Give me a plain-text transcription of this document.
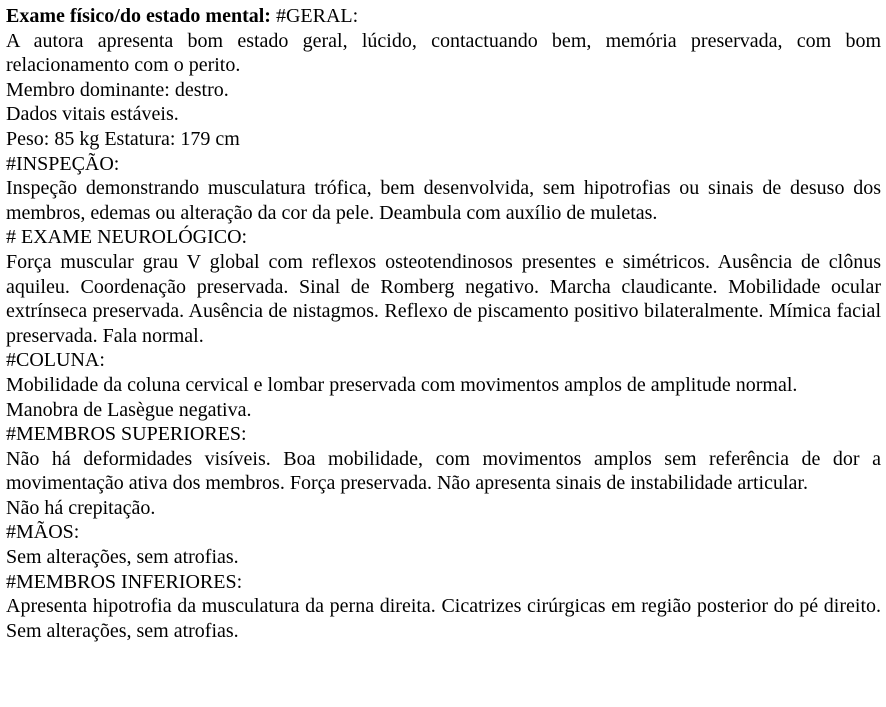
Exame físico/do estado mental: #GERAL:

A autora apresenta bom estado geral, lúcido, contactuando bem, memória preservada, com bom relacionamento com o perito.

Membro dominante: destro.

Dados vitais estáveis.

Peso: 85 kg Estatura: 179 cm

#INSPEÇÃO:

Inspeção demonstrando musculatura trófica, bem desenvolvida, sem hipotrofias ou sinais de desuso dos membros, edemas ou alteração da cor da pele. Deambula com auxílio de muletas.

# EXAME NEUROLÓGICO:

Força muscular grau V global com reflexos osteotendinosos presentes e simétricos. Ausência de clônus aquileu. Coordenação preservada. Sinal de Romberg negativo. Marcha claudicante. Mobilidade ocular extrínseca preservada. Ausência de nistagmos. Reflexo de piscamento positivo bilateralmente. Mímica facial preservada. Fala normal.

#COLUNA:

Mobilidade da coluna cervical e lombar preservada com movimentos amplos de amplitude normal.

Manobra de Lasègue negativa.

#MEMBROS SUPERIORES:

Não há deformidades visíveis. Boa mobilidade, com movimentos amplos sem referência de dor a movimentação ativa dos membros. Força preservada. Não apresenta sinais de instabilidade articular.

Não há crepitação.

#MÃOS:

Sem alterações, sem atrofias.

#MEMBROS INFERIORES:

Apresenta hipotrofia da musculatura da perna direita. Cicatrizes cirúrgicas em região posterior do pé direito. Sem alterações, sem atrofias.
